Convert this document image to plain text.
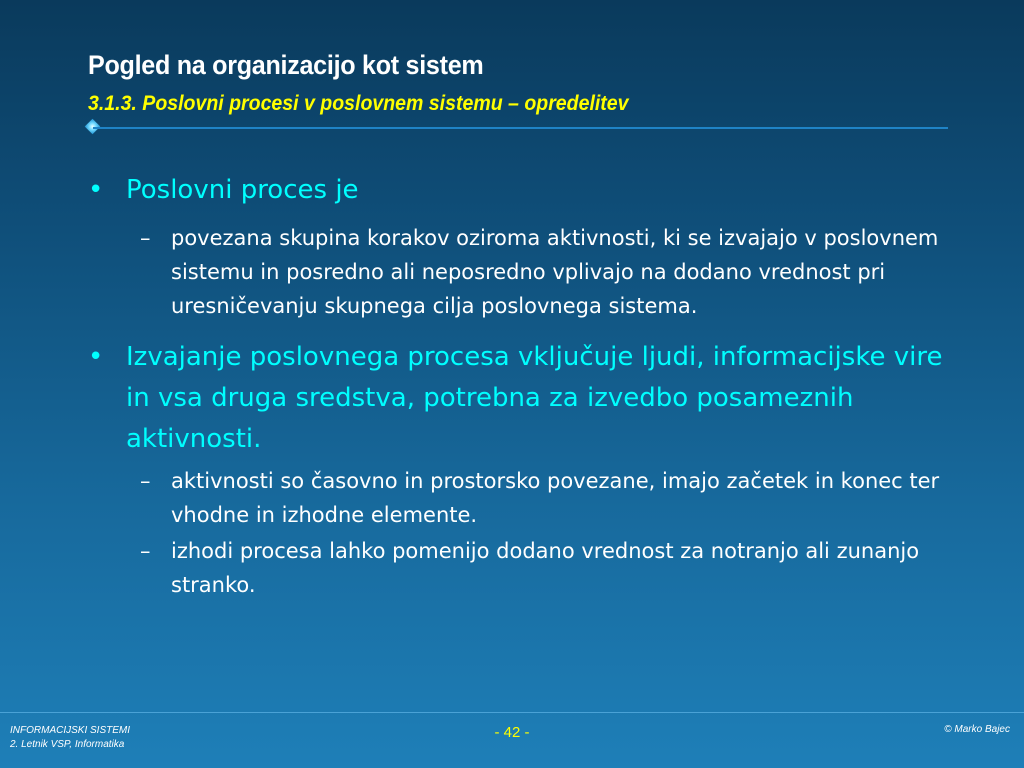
Pogled na organizacijo kot sistem
3.1.3. Poslovni procesi v poslovnem sistemu – opredelitev
• Poslovni proces je
– povezana skupina korakov oziroma aktivnosti, ki se izvajajo v poslovnem sistemu in posredno ali neposredno vplivajo na dodano vrednost pri uresničevanju skupnega cilja poslovnega sistema.
• Izvajanje poslovnega procesa vključuje ljudi, informacijske vire in vsa druga sredstva, potrebna za izvedbo posameznih aktivnosti.
– aktivnosti so časovno in prostorsko povezane, imajo začetek in konec ter vhodne in izhodne elemente.
– izhodi procesa lahko pomenijo dodano vrednost za notranjo ali zunanjo stranko.
INFORMACIJSKI SISTEMI
2. Letnik VSP, Informatika
- 42 -	© Marko Bajec
